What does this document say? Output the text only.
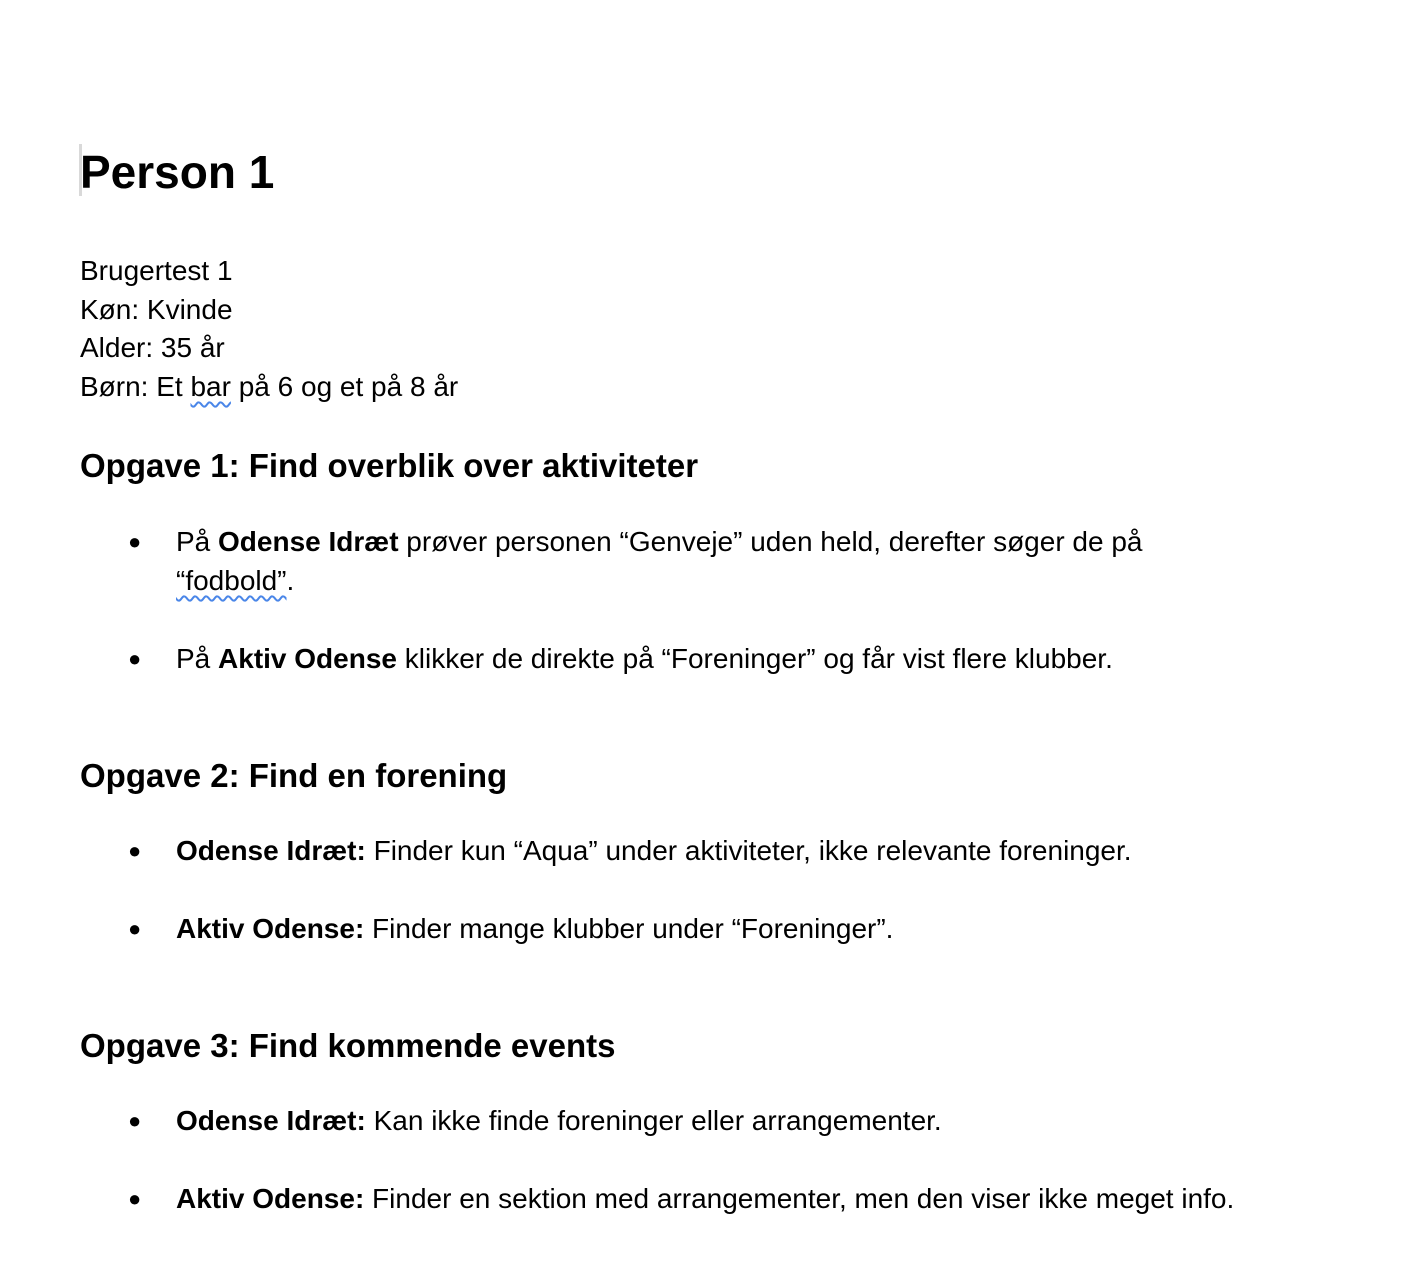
Person 1
Brugertest 1
Køn: Kvinde
Alder: 35 år
Børn: Et bar på 6 og et på 8 år
Opgave 1: Find overblik over aktiviteter
● På Odense Idræt prøver personen “Genveje” uden held, derefter søger de på “fodbold”.
● På Aktiv Odense klikker de direkte på “Foreninger” og får vist flere klubber.
Opgave 2: Find en forening
● Odense Idræt: Finder kun “Aqua” under aktiviteter, ikke relevante foreninger.
● Aktiv Odense: Finder mange klubber under “Foreninger”.
Opgave 3: Find kommende events
● Odense Idræt: Kan ikke finde foreninger eller arrangementer.
● Aktiv Odense: Finder en sektion med arrangementer, men den viser ikke meget info.
